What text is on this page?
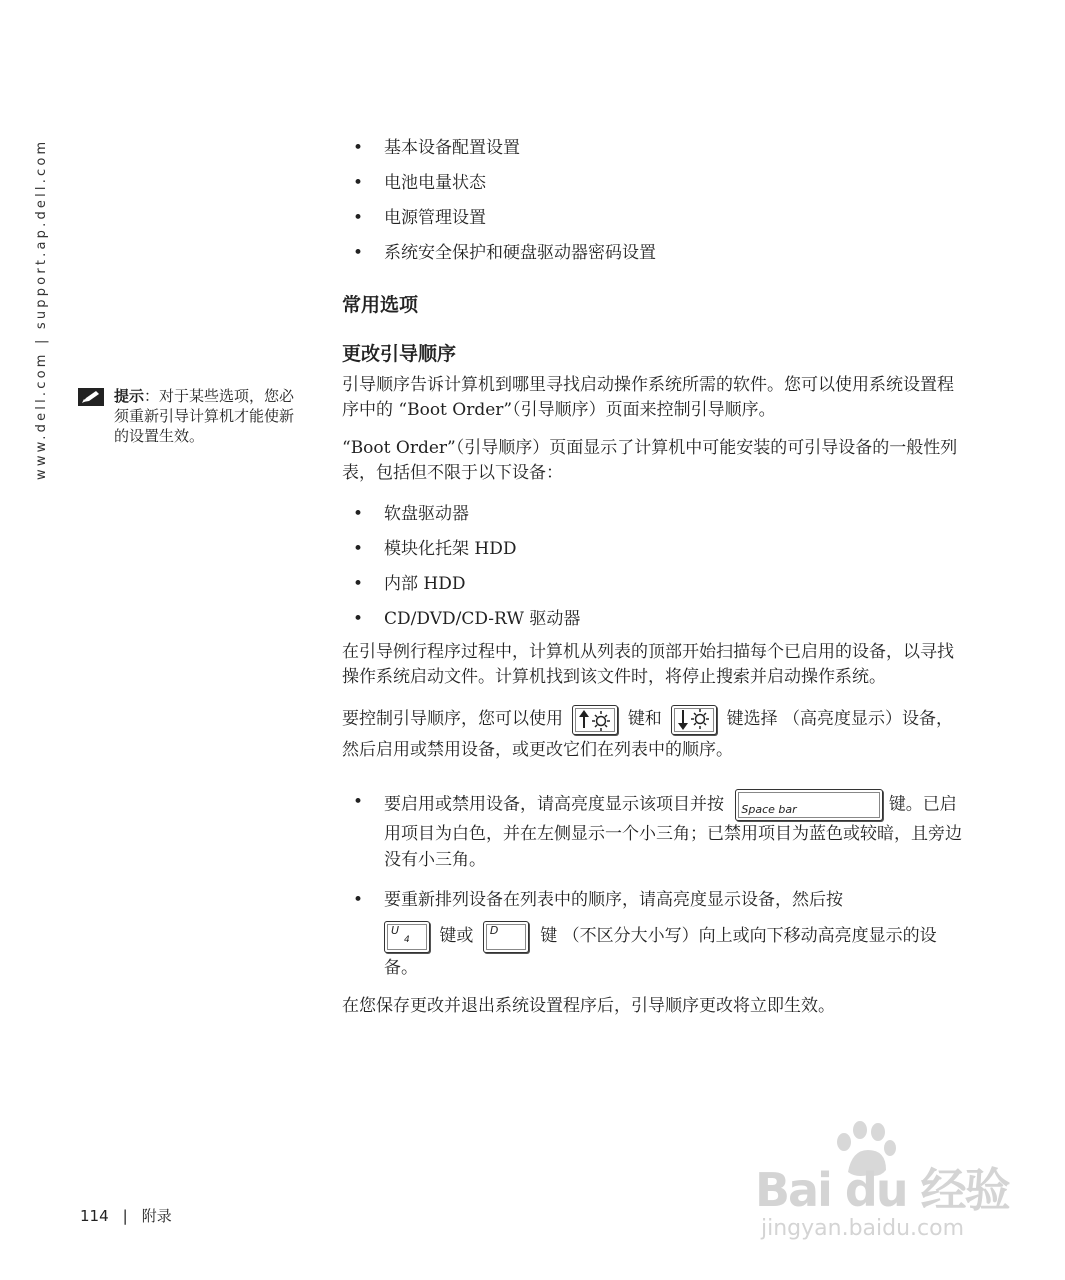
www.dell.com | support.ap.dell.com	提示：对于某些选项，您必须重新引导计算机才能使新的设置生效。
• 基本设备配置设置
• 电池电量状态
• 电源管理设置
• 系统安全保护和硬盘驱动器密码设置
常用选项
更改引导顺序

引导顺序告诉计算机到哪里寻找启动操作系统所需的软件。您可以使用系统设置程序中的 “Boot Order”（引导顺序）页面来控制引导顺序。

“Boot Order”（引导顺序）页面显示了计算机中可能安装的可引导设备的一般性列表，包括但不限于以下设备：

• 软盘驱动器
• 模块化托架 HDD
• 内部 HDD
• CD/DVD/CD-RW 驱动器

在引导例行程序过程中，计算机从列表的顶部开始扫描每个已启用的设备，以寻找操作系统启动文件。计算机找到该文件时，将停止搜索并启动操作系统。

要控制引导顺序，您可以使用	键和	键选择 （高亮度显示）设备，然后启用或禁用设备，或更改它们在列表中的顺序。

• 要启用或禁用设备，请高亮度显示该项目并按 Space bar	键。已启用项目为白色，并在左侧显示一个小三角；已禁用项目为蓝色或较暗，且旁边没有小三角。
• 要重新排列设备在列表中的顺序，请高亮度显示设备，然后按
U
4 键或 D 键 （不区分大小写）向上或向下移动高亮度显示的设备。

在您保存更改并退出系统设置程序后，引导顺序更改将立即生效。

114 | 附录	Bai du 经验
jingyan.baidu.com
